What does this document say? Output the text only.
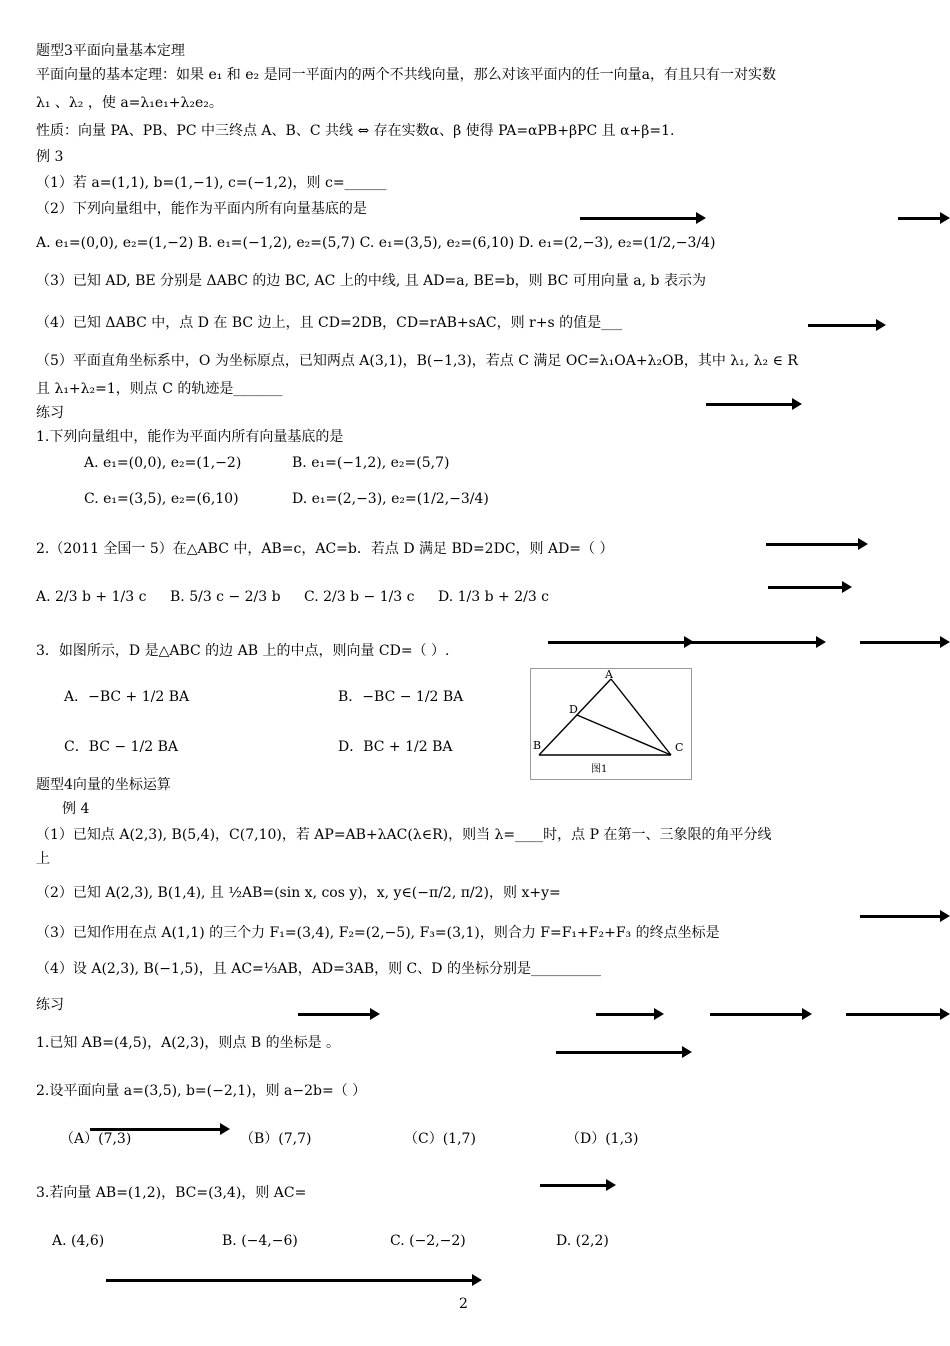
题型3平面向量基本定理
平面向量的基本定理：如果 e₁ 和 e₂ 是同一平面内的两个不共线向量，那么对该平面内的任一向量a，有且只有一对实数
λ₁ 、λ₂ ，使 a=λ₁e₁+λ₂e₂。
性质：向量 PA、PB、PC 中三终点 A、B、C 共线 ⇔ 存在实数α、β 使得 PA=αPB+βPC 且 α+β=1.
例 3
（1）若 a=(1,1), b=(1,−1), c=(−1,2)，则 c=______
（2）下列向量组中，能作为平面内所有向量基底的是
A. e₁=(0,0), e₂=(1,−2) B. e₁=(−1,2), e₂=(5,7) C. e₁=(3,5), e₂=(6,10) D. e₁=(2,−3), e₂=(1/2,−3/4)
（3）已知 AD, BE 分别是 ΔABC 的边 BC, AC 上的中线, 且 AD=a, BE=b，则 BC 可用向量 a, b 表示为
（4）已知 ΔABC 中，点 D 在 BC 边上，且 CD=2DB，CD=rAB+sAC，则 r+s 的值是___
（5）平面直角坐标系中，O 为坐标原点，已知两点 A(3,1)，B(−1,3)，若点 C 满足 OC=λ₁OA+λ₂OB，其中 λ₁, λ₂ ∈ R
且 λ₁+λ₂=1，则点 C 的轨迹是_______
练习
1.下列向量组中，能作为平面内所有向量基底的是
A. e₁=(0,0), e₂=(1,−2)	B. e₁=(−1,2), e₂=(5,7)
C. e₁=(3,5), e₂=(6,10)	D. e₁=(2,−3), e₂=(1/2,−3/4)
2.（2011 全国一 5）在△ABC 中，AB=c，AC=b．若点 D 满足 BD=2DC，则 AD=（ ）
A. 2/3 b + 1/3 c B. 5/3 c − 2/3 b C. 2/3 b − 1/3 c D. 1/3 b + 2/3 c
3．如图所示，D 是△ABC 的边 AB 上的中点，则向量 CD=（ ）.
A．−BC + 1/2 BA	B．−BC − 1/2 BA
C．BC − 1/2 BA	D．BC + 1/2 BA
A
D
B	C
图1
题型4向量的坐标运算
例 4
（1）已知点 A(2,3), B(5,4)，C(7,10)，若 AP=AB+λAC(λ∈R)，则当 λ=____时，点 P 在第一、三象限的角平分线
上
（2）已知 A(2,3), B(1,4), 且 ½AB=(sin x, cos y)，x, y∈(−π/2, π/2)，则 x+y=
（3）已知作用在点 A(1,1) 的三个力 F₁=(3,4), F₂=(2,−5), F₃=(3,1)，则合力 F=F₁+F₂+F₃ 的终点坐标是
（4）设 A(2,3), B(−1,5)，且 AC=⅓AB，AD=3AB，则 C、D 的坐标分别是__________
练习
1.已知 AB=(4,5)，A(2,3)，则点 B 的坐标是 。
2.设平面向量 a=(3,5), b=(−2,1)，则 a−2b=（ ）
（A）(7,3)	（B）(7,7)	（C）(1,7)	（D）(1,3)
3.若向量 AB=(1,2)，BC=(3,4)，则 AC=
A. (4,6)	B. (−4,−6)	C. (−2,−2)	D. (2,2)
2
